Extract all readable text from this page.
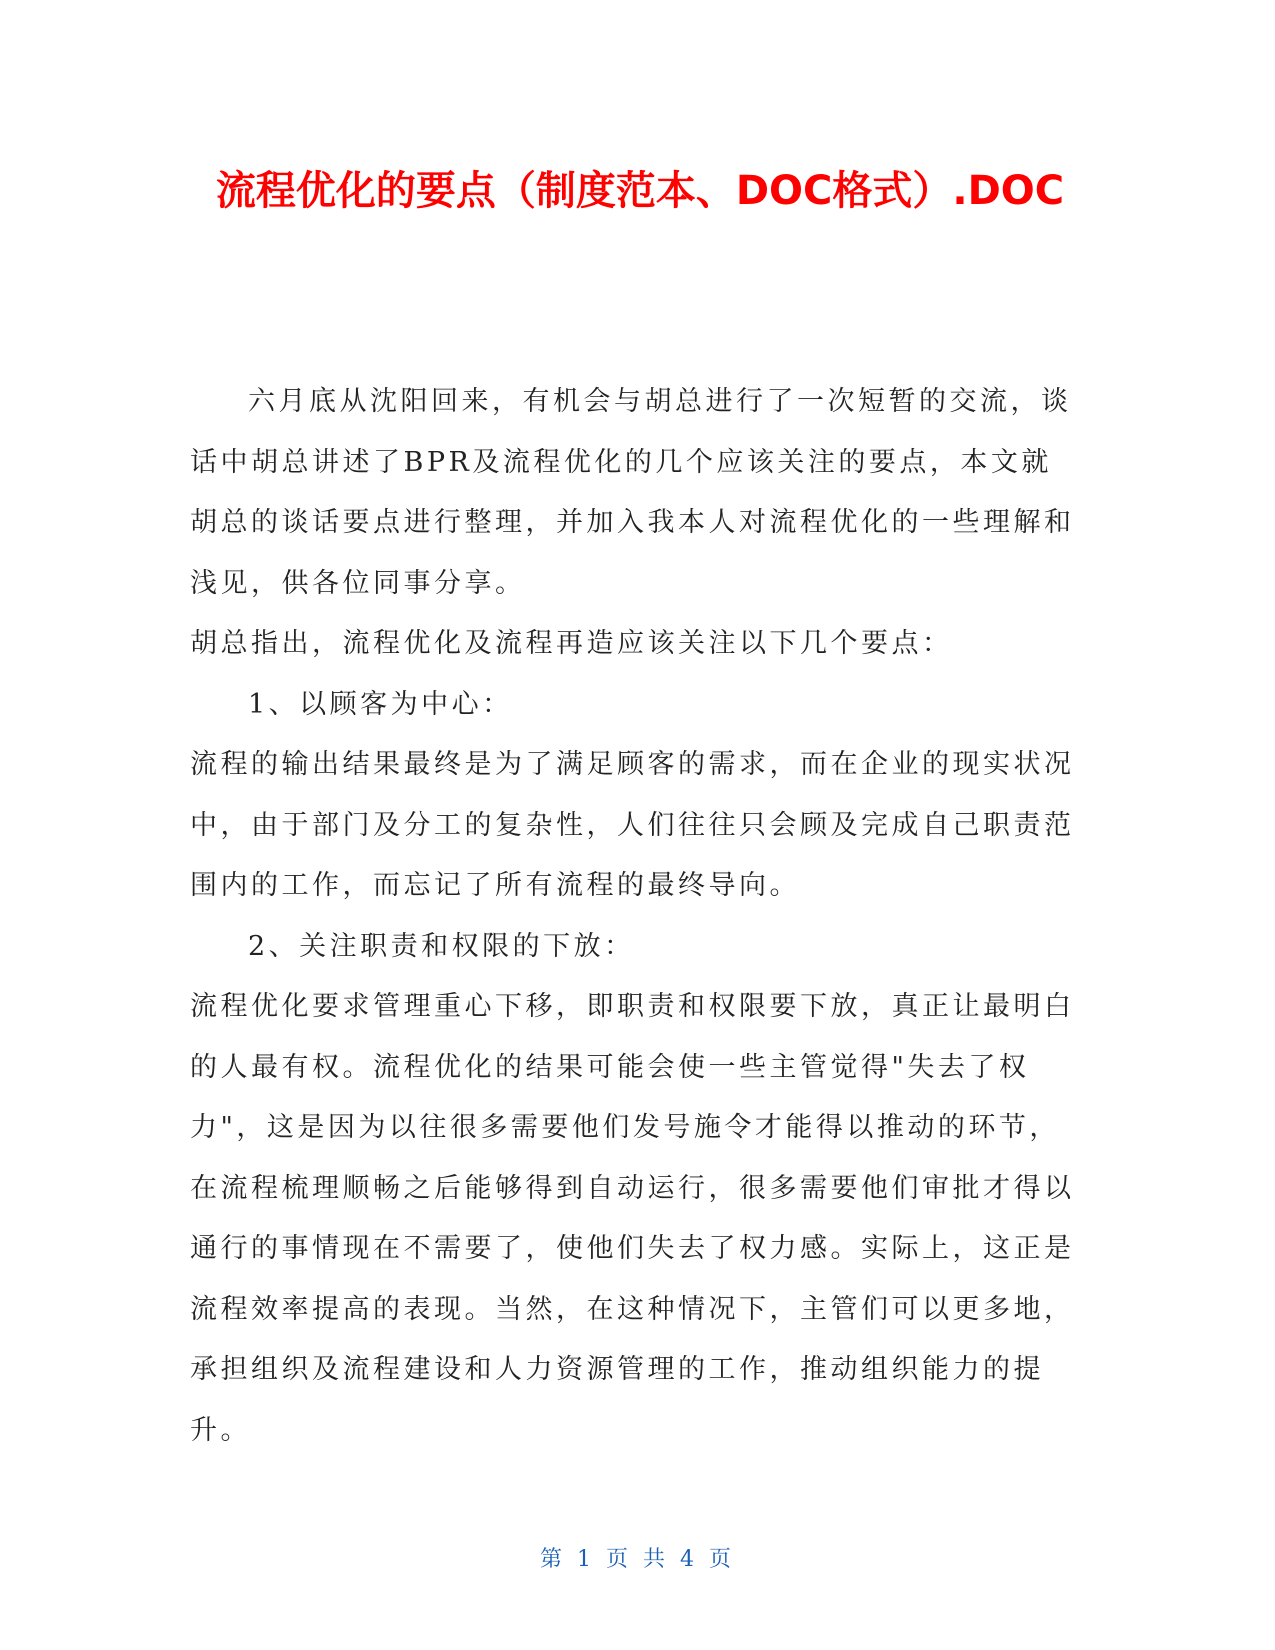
流程优化的要点（制度范本、DOC格式）.DOC

六月底从沈阳回来，有机会与胡总进行了一次短暂的交流，谈话中胡总讲述了BPR及流程优化的几个应该关注的要点，本文就胡总的谈话要点进行整理，并加入我本人对流程优化的一些理解和浅见，供各位同事分享。

胡总指出，流程优化及流程再造应该关注以下几个要点：

1、以顾客为中心：

流程的输出结果最终是为了满足顾客的需求，而在企业的现实状况中，由于部门及分工的复杂性，人们往往只会顾及完成自己职责范围内的工作，而忘记了所有流程的最终导向。

2、关注职责和权限的下放：

流程优化要求管理重心下移，即职责和权限要下放，真正让最明白的人最有权。流程优化的结果可能会使一些主管觉得"失去了权力"，这是因为以往很多需要他们发号施令才能得以推动的环节，在流程梳理顺畅之后能够得到自动运行，很多需要他们审批才得以通行的事情现在不需要了，使他们失去了权力感。实际上，这正是流程效率提高的表现。当然，在这种情况下，主管们可以更多地，承担组织及流程建设和人力资源管理的工作，推动组织能力的提升。

第 1 页 共 4 页
